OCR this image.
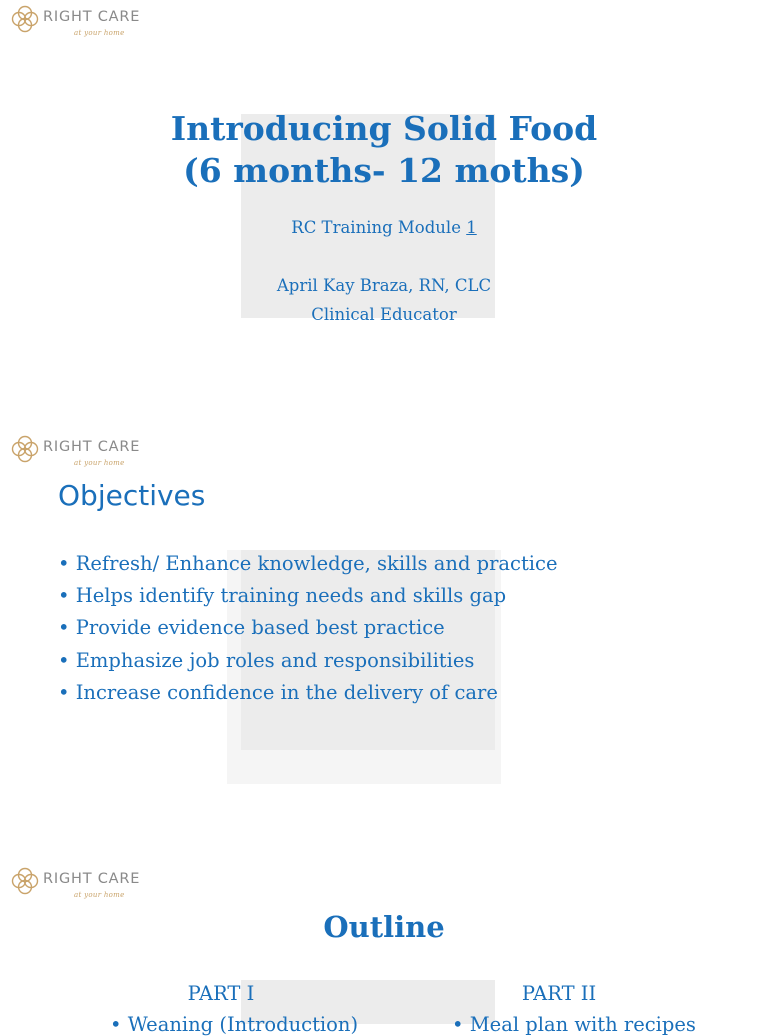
RIGHT CARE
at your home
Introducing Solid Food
(6 months- 12 moths)
RC Training Module 1
April Kay Braza, RN, CLC
Clinical Educator
RIGHT CARE
at your home
Objectives
• Refresh/ Enhance knowledge, skills and practice
• Helps identify training needs and skills gap
• Provide evidence based best practice
• Emphasize job roles and responsibilities
• Increase confidence in the delivery of care
RIGHT CARE
at your home
Outline
PART I	PART II
• Weaning (Introduction)	• Meal plan with recipes
